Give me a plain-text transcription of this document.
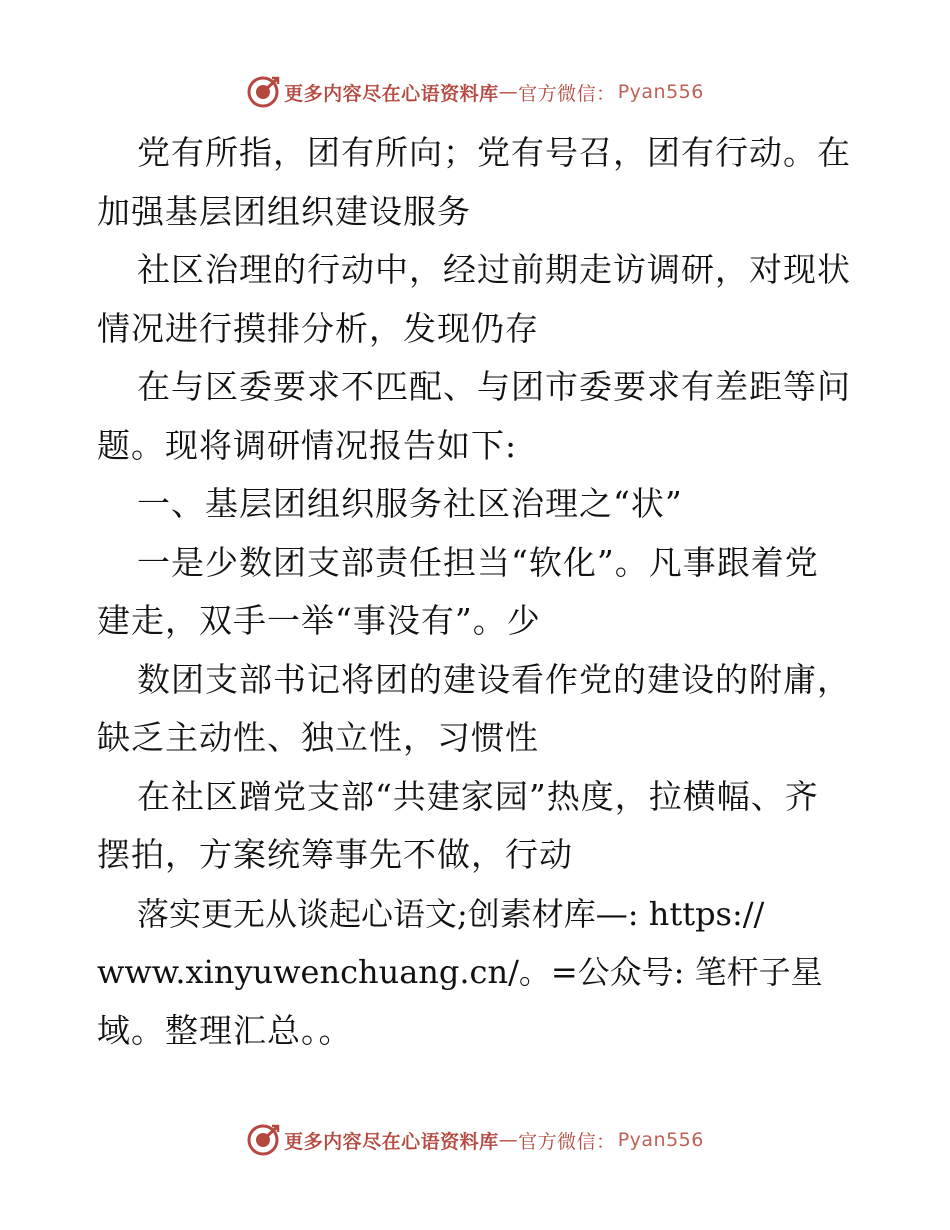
更多内容尽在心语资料库 — 官方微信： Pyan556
党有所指，团有所向；党有号召，团有行动。在
加强基层团组织建设服务
社区治理的行动中，经过前期走访调研，对现状
情况进行摸排分析，发现仍存
在与区委要求不匹配、与团市委要求有差距等问
题。现将调研情况报告如下:
一、基层团组织服务社区治理之“状”
一是少数团支部责任担当“软化”。凡事跟着党
建走，双手一举“事没有”。少
数团支部书记将团的建设看作党的建设的附庸，
缺乏主动性、独立性，习惯性
在社区蹭党支部“共建家园”热度，拉横幅、齐
摆拍，方案统筹事先不做，行动
落实更无从谈起心语文;创素材库—: https://
www.xinyuwenchuang.cn/。=公众号: 笔杆子星
域。整理汇总。。
更多内容尽在心语资料库 — 官方微信： Pyan556
